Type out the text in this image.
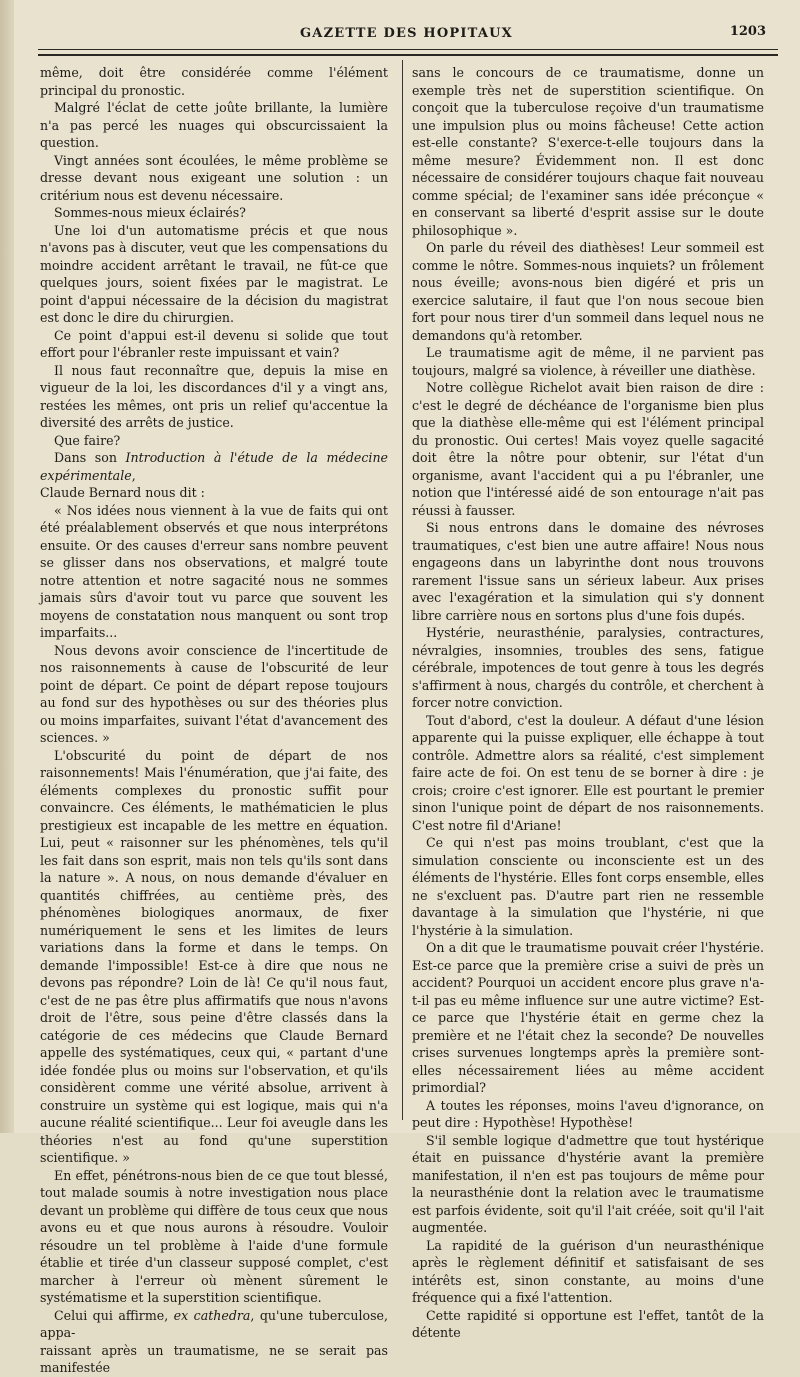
GAZETTE DES HOPITAUX	1203

même, doit être considérée comme l'élément principal du pronostic.

Malgré l'éclat de cette joûte brillante, la lumière n'a pas percé les nuages qui obscurcissaient la question.

Vingt années sont écoulées, le même problème se dresse devant nous exigeant une solution : un critérium nous est devenu nécessaire.

Sommes-nous mieux éclairés?

Une loi d'un automatisme précis et que nous n'avons pas à discuter, veut que les compensations du moindre accident arrêtant le travail, ne fût-ce que quelques jours, soient fixées par le magistrat. Le point d'appui nécessaire de la décision du magistrat est donc le dire du chirurgien.

Ce point d'appui est-il devenu si solide que tout effort pour l'ébranler reste impuissant et vain?

Il nous faut reconnaître que, depuis la mise en vigueur de la loi, les discordances d'il y a vingt ans, restées les mêmes, ont pris un relief qu'accentue la diversité des arrêts de justice.

Que faire?

Dans son Introduction à l'étude de la médecine expérimentale,

Claude Bernard nous dit :

« Nos idées nous viennent à la vue de faits qui ont été préalablement observés et que nous interprétons ensuite. Or des causes d'erreur sans nombre peuvent se glisser dans nos observations, et malgré toute notre attention et notre sagacité nous ne sommes jamais sûrs d'avoir tout vu parce que souvent les moyens de constatation nous manquent ou sont trop imparfaits...

Nous devons avoir conscience de l'incertitude de nos raisonnements à cause de l'obscurité de leur point de départ. Ce point de départ repose toujours au fond sur des hypothèses ou sur des théories plus ou moins imparfaites, suivant l'état d'avancement des sciences. »

L'obscurité du point de départ de nos raisonnements! Mais l'énumération, que j'ai faite, des éléments complexes du pronostic suffit pour convaincre. Ces éléments, le mathématicien le plus prestigieux est incapable de les mettre en équation. Lui, peut « raisonner sur les phénomènes, tels qu'il les fait dans son esprit, mais non tels qu'ils sont dans la nature ». A nous, on nous demande d'évaluer en quantités chiffrées, au centième près, des phénomènes biologiques anormaux, de fixer numériquement le sens et les limites de leurs variations dans la forme et dans le temps. On demande l'impossible! Est-ce à dire que nous ne devons pas répondre? Loin de là! Ce qu'il nous faut, c'est de ne pas être plus affirmatifs que nous n'avons droit de l'être, sous peine d'être classés dans la catégorie de ces médecins que Claude Bernard appelle des systématiques, ceux qui, « partant d'une idée fondée plus ou moins sur l'observation, et qu'ils considèrent comme une vérité absolue, arrivent à construire un système qui est logique, mais qui n'a aucune réalité scientifique... Leur foi aveugle dans les théories n'est au fond qu'une superstition scientifique. »

En effet, pénétrons-nous bien de ce que tout blessé, tout malade soumis à notre investigation nous place devant un problème qui diffère de tous ceux que nous avons eu et que nous aurons à résoudre. Vouloir résoudre un tel problème à l'aide d'une formule établie et tirée d'un classeur supposé complet, c'est marcher à l'erreur où mènent sûrement le systématisme et la superstition scientifique.

Celui qui affirme, ex cathedra, qu'une tuberculose, appa-

raissant après un traumatisme, ne se serait pas manifestée

sans le concours de ce traumatisme, donne un exemple très net de superstition scientifique. On conçoit que la tuberculose reçoive d'un traumatisme une impulsion plus ou moins fâcheuse! Cette action est-elle constante? S'exerce-t-elle toujours dans la même mesure? Évidemment non. Il est donc nécessaire de considérer toujours chaque fait nouveau comme spécial; de l'examiner sans idée préconçue « en conservant sa liberté d'esprit assise sur le doute philosophique ».

On parle du réveil des diathèses! Leur sommeil est comme le nôtre. Sommes-nous inquiets? un frôlement nous éveille; avons-nous bien digéré et pris un exercice salutaire, il faut que l'on nous secoue bien fort pour nous tirer d'un sommeil dans lequel nous ne demandons qu'à retomber.

Le traumatisme agit de même, il ne parvient pas toujours, malgré sa violence, à réveiller une diathèse.

Notre collègue Richelot avait bien raison de dire : c'est le degré de déchéance de l'organisme bien plus que la diathèse elle-même qui est l'élément principal du pronostic. Oui certes! Mais voyez quelle sagacité doit être la nôtre pour obtenir, sur l'état d'un organisme, avant l'accident qui a pu l'ébranler, une notion que l'intéressé aidé de son entourage n'ait pas réussi à fausser.

Si nous entrons dans le domaine des névroses traumatiques, c'est bien une autre affaire! Nous nous engageons dans un labyrinthe dont nous trouvons rarement l'issue sans un sérieux labeur. Aux prises avec l'exagération et la simulation qui s'y donnent libre carrière nous en sortons plus d'une fois dupés.

Hystérie, neurasthénie, paralysies, contractures, névralgies, insomnies, troubles des sens, fatigue cérébrale, impotences de tout genre à tous les degrés s'affirment à nous, chargés du contrôle, et cherchent à forcer notre conviction.

Tout d'abord, c'est la douleur. A défaut d'une lésion apparente qui la puisse expliquer, elle échappe à tout contrôle. Admettre alors sa réalité, c'est simplement faire acte de foi. On est tenu de se borner à dire : je crois; croire c'est ignorer. Elle est pourtant le premier sinon l'unique point de départ de nos raisonnements. C'est notre fil d'Ariane!

Ce qui n'est pas moins troublant, c'est que la simulation consciente ou inconsciente est un des éléments de l'hystérie. Elles font corps ensemble, elles ne s'excluent pas. D'autre part rien ne ressemble davantage à la simulation que l'hystérie, ni que l'hystérie à la simulation.

On a dit que le traumatisme pouvait créer l'hystérie. Est-ce parce que la première crise a suivi de près un accident? Pourquoi un accident encore plus grave n'a-t-il pas eu même influence sur une autre victime? Est-ce parce que l'hystérie était en germe chez la première et ne l'était chez la seconde? De nouvelles crises survenues longtemps après la première sont-elles nécessairement liées au même accident primordial?

A toutes les réponses, moins l'aveu d'ignorance, on peut dire : Hypothèse! Hypothèse!

S'il semble logique d'admettre que tout hystérique était en puissance d'hystérie avant la première manifestation, il n'en est pas toujours de même pour la neurasthénie dont la relation avec le traumatisme est parfois évidente, soit qu'il l'ait créée, soit qu'il l'ait augmentée.

La rapidité de la guérison d'un neurasthénique après le règlement définitif et satisfaisant de ses intérêts est, sinon constante, au moins d'une fréquence qui a fixé l'attention.

Cette rapidité si opportune est l'effet, tantôt de la détente
